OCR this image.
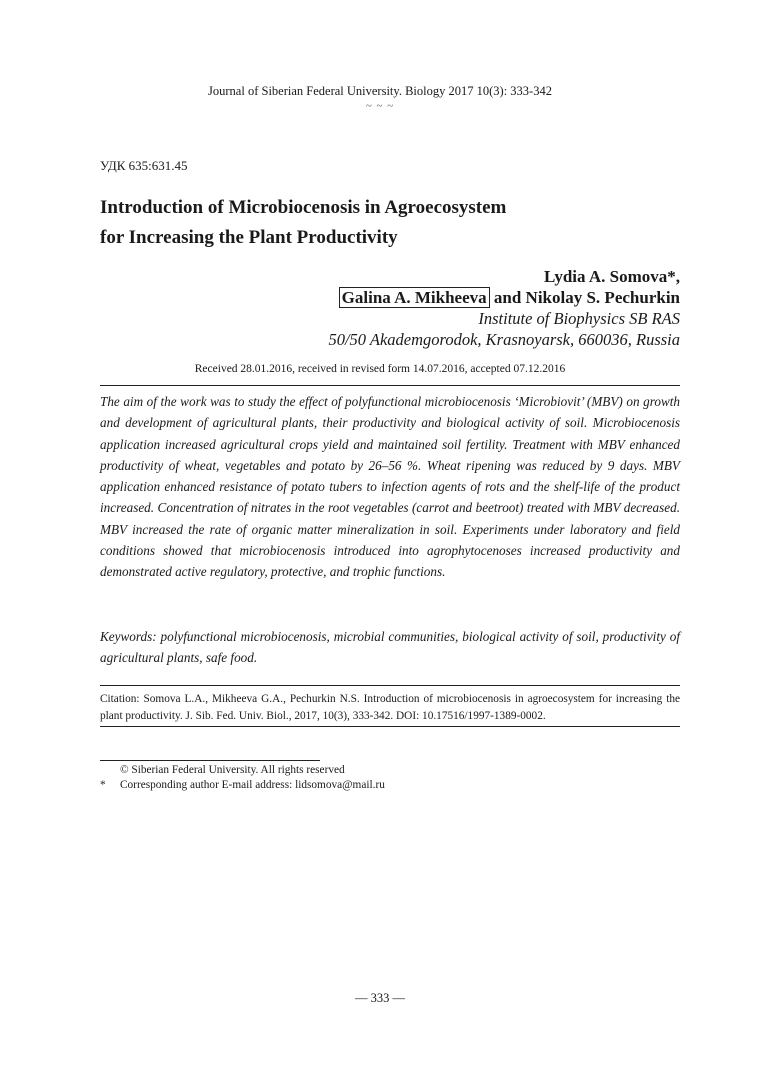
Journal of Siberian Federal University. Biology 2017 10(3): 333-342
~ ~ ~
УДК 635:631.45
Introduction of Microbiocenosis in Agroecosystem
for Increasing the Plant Productivity
Lydia A. Somova*,
Galina A. Mikheeva and Nikolay S. Pechurkin
Institute of Biophysics SB RAS
50/50 Akademgorodok, Krasnoyarsk, 660036, Russia
Received 28.01.2016, received in revised form 14.07.2016, accepted 07.12.2016

The aim of the work was to study the effect of polyfunctional microbiocenosis ‘Microbiovit’ (MBV) on growth and development of agricultural plants, their productivity and biological activity of soil. Microbiocenosis application increased agricultural crops yield and maintained soil fertility. Treatment with MBV enhanced productivity of wheat, vegetables and potato by 26–56 %. Wheat ripening was reduced by 9 days. MBV application enhanced resistance of potato tubers to infection agents of rots and the shelf-life of the product increased. Concentration of nitrates in the root vegetables (carrot and beetroot) treated with MBV decreased. MBV increased the rate of organic matter mineralization in soil. Experiments under laboratory and field conditions showed that microbiocenosis introduced into agrophytocenoses increased productivity and demonstrated active regulatory, protective, and trophic functions.

Keywords: polyfunctional microbiocenosis, microbial communities, biological activity of soil, productivity of agricultural plants, safe food.

Citation: Somova L.A., Mikheeva G.A., Pechurkin N.S. Introduction of microbiocenosis in agroecosystem for increasing the plant productivity. J. Sib. Fed. Univ. Biol., 2017, 10(3), 333-342. DOI: 10.17516/1997-1389-0002.

© Siberian Federal University. All rights reserved
* Corresponding author E-mail address: lidsomova@mail.ru
— 333 —
